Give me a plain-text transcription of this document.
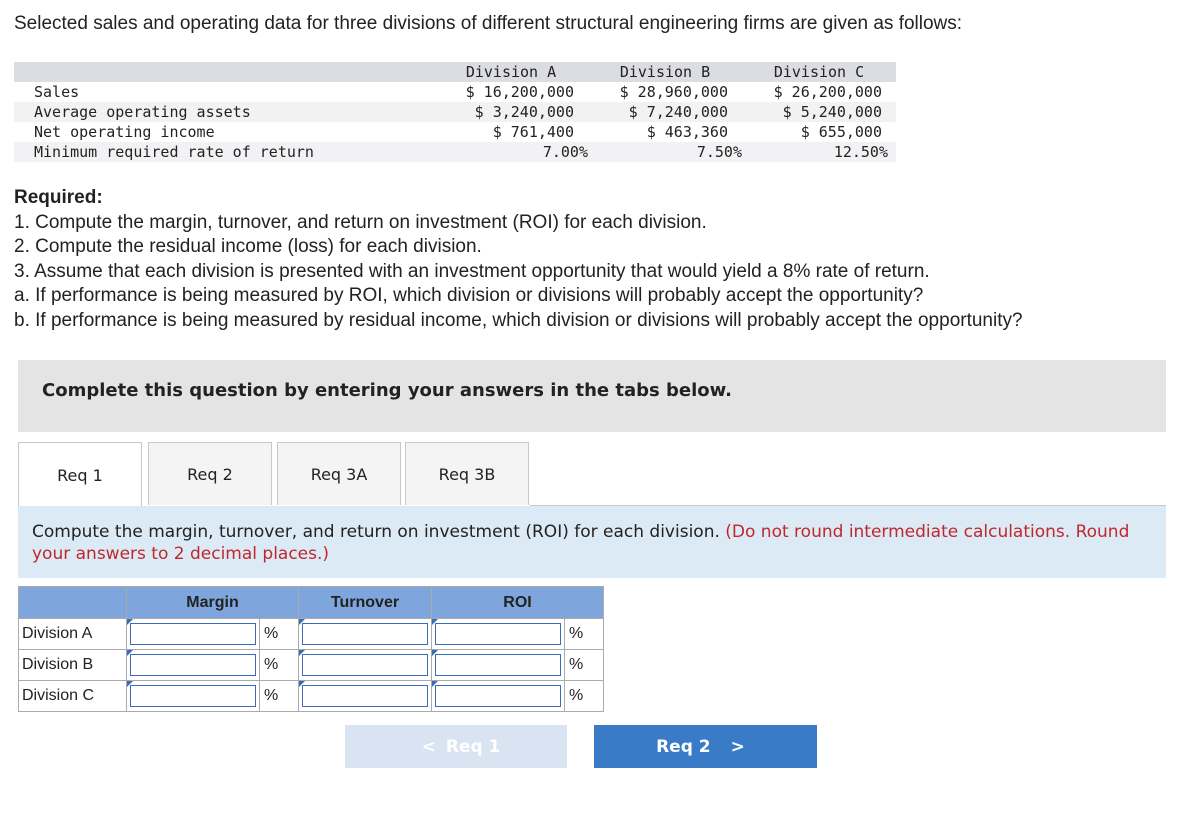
Selected sales and operating data for three divisions of different structural engineering firms are given as follows:
	Division A	Division B	Division C
Sales	$ 16,200,000	$ 28,960,000	$ 26,200,000
Average operating assets	$ 3,240,000	$ 7,240,000	$ 5,240,000
Net operating income	$ 761,400	$ 463,360	$ 655,000
Minimum required rate of return	7.00%	7.50%	12.50%
Required:
1. Compute the margin, turnover, and return on investment (ROI) for each division.
2. Compute the residual income (loss) for each division.
3. Assume that each division is presented with an investment opportunity that would yield a 8% rate of return.
a. If performance is being measured by ROI, which division or divisions will probably accept the opportunity?
b. If performance is being measured by residual income, which division or divisions will probably accept the opportunity?
Complete this question by entering your answers in the tabs below.
Req 1	Req 2	Req 3A	Req 3B
Compute the margin, turnover, and return on investment (ROI) for each division. (Do not round intermediate calculations. Round your answers to 2 decimal places.)
	Margin		Turnover	ROI	
Division A		%			%
Division B		%			%
Division C		%			%
< Req 1	Req 2 >
